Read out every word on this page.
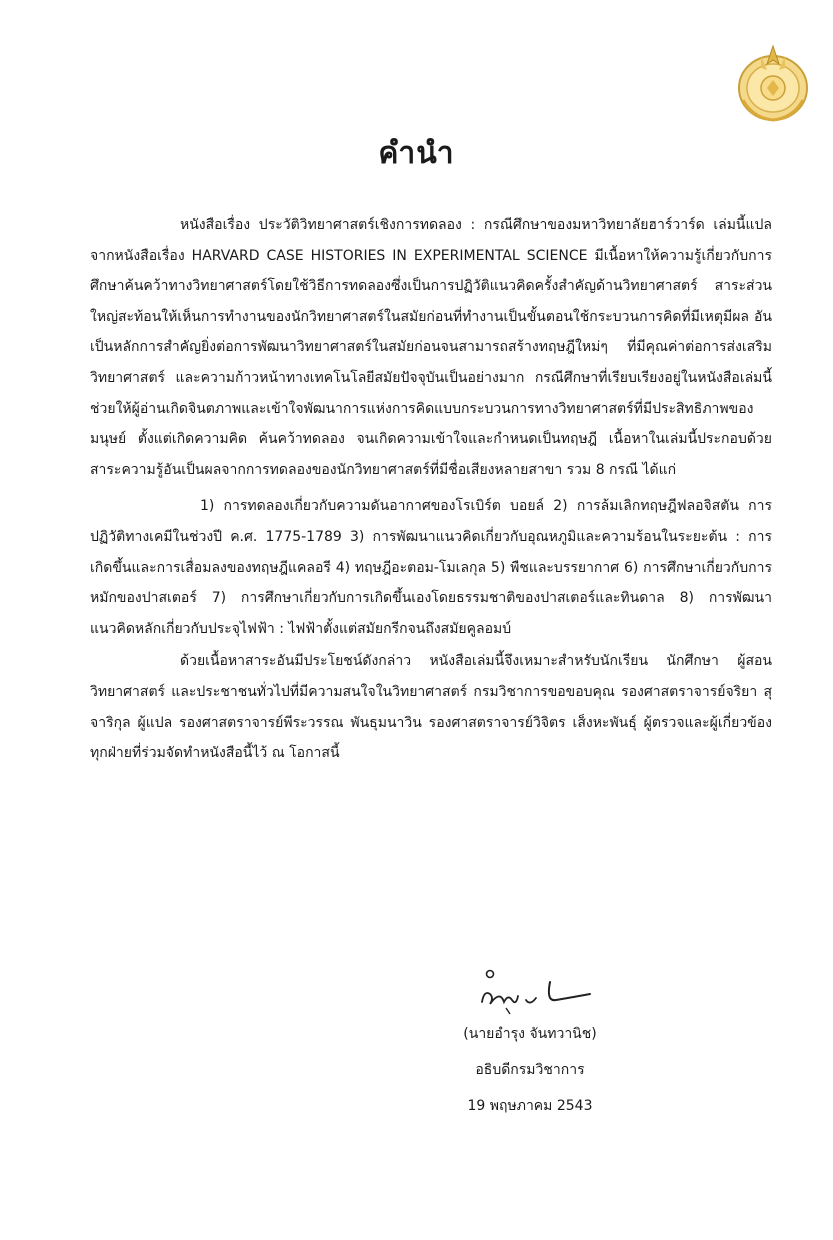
คำนำ

หนังสือเรื่อง ประวัติวิทยาศาสตร์เชิงการทดลอง : กรณีศึกษาของมหาวิทยาลัยฮาร์วาร์ด เล่มนี้แปลจากหนังสือเรื่อง HARVARD CASE HISTORIES IN EXPERIMENTAL SCIENCE มีเนื้อหาให้ความรู้เกี่ยวกับการศึกษาค้นคว้าทางวิทยาศาสตร์โดยใช้วิธีการทดลองซึ่งเป็นการปฏิวัติแนวคิดครั้งสำคัญด้านวิทยาศาสตร์ สาระส่วนใหญ่สะท้อนให้เห็นการทำงานของนักวิทยาศาสตร์ในสมัยก่อนที่ทำงานเป็นขั้นตอนใช้กระบวนการคิดที่มีเหตุมีผล อันเป็นหลักการสำคัญยิ่งต่อการพัฒนาวิทยาศาสตร์ในสมัยก่อนจนสามารถสร้างทฤษฎีใหม่ๆ ที่มีคุณค่าต่อการส่งเสริมวิทยาศาสตร์ และความก้าวหน้าทางเทคโนโลยีสมัยปัจจุบันเป็นอย่างมาก กรณีศึกษาที่เรียบเรียงอยู่ในหนังสือเล่มนี้ช่วยให้ผู้อ่านเกิดจินตภาพและเข้าใจพัฒนาการแห่งการคิดแบบกระบวนการทางวิทยาศาสตร์ที่มีประสิทธิภาพของมนุษย์ ตั้งแต่เกิดความคิด ค้นคว้าทดลอง จนเกิดความเข้าใจและกำหนดเป็นทฤษฎี เนื้อหาในเล่มนี้ประกอบด้วยสาระความรู้อันเป็นผลจากการทดลองของนักวิทยาศาสตร์ที่มีชื่อเสียงหลายสาขา รวม 8 กรณี ได้แก่

1) การทดลองเกี่ยวกับความดันอากาศของโรเบิร์ต บอยล์ 2) การล้มเลิกทฤษฎีฟลอจิสตัน การปฏิวัติทางเคมีในช่วงปี ค.ศ. 1775-1789 3) การพัฒนาแนวคิดเกี่ยวกับอุณหภูมิและความร้อนในระยะต้น : การเกิดขึ้นและการเสื่อมลงของทฤษฎีแคลอรี 4) ทฤษฎีอะตอม-โมเลกุล 5) พืชและบรรยากาศ 6) การศึกษาเกี่ยวกับการหมักของปาสเตอร์ 7) การศึกษาเกี่ยวกับการเกิดขึ้นเองโดยธรรมชาติของปาสเตอร์และทินดาล 8) การพัฒนาแนวคิดหลักเกี่ยวกับประจุไฟฟ้า : ไฟฟ้าตั้งแต่สมัยกรีกจนถึงสมัยคูลอมบ์

ด้วยเนื้อหาสาระอันมีประโยชน์ดังกล่าว หนังสือเล่มนี้จึงเหมาะสำหรับนักเรียน นักศึกษา ผู้สอนวิทยาศาสตร์ และประชาชนทั่วไปที่มีความสนใจในวิทยาศาสตร์ กรมวิชาการขอขอบคุณ รองศาสตราจารย์จริยา สุจาริกุล ผู้แปล รองศาสตราจารย์พีระวรรณ พันธุมนาวิน รองศาสตราจารย์วิจิตร เส็งหะพันธุ์ ผู้ตรวจและผู้เกี่ยวข้องทุกฝ่ายที่ร่วมจัดทำหนังสือนี้ไว้ ณ โอกาสนี้

(นายอำรุง จันทวานิช)
อธิบดีกรมวิชาการ
19 พฤษภาคม 2543
